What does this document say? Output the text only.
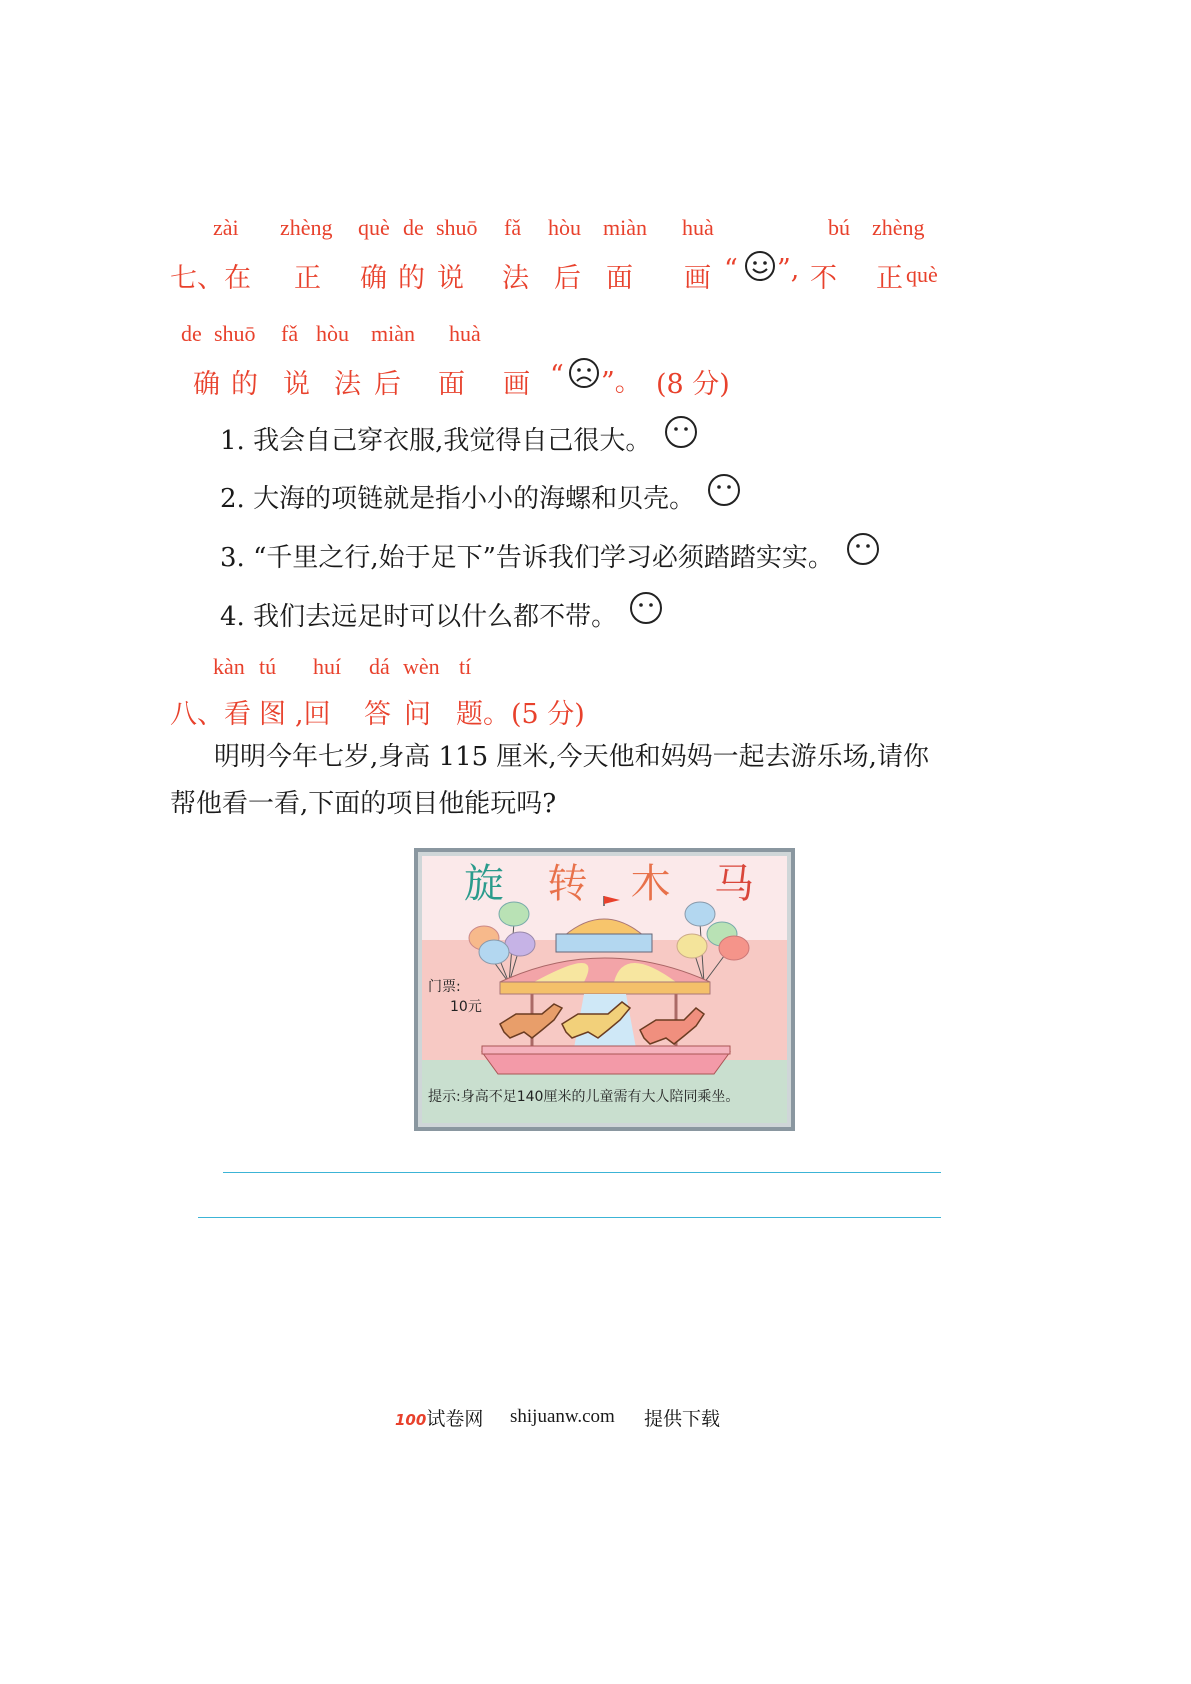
zài zhèng què de shuō fǎ hòu miàn huà	bú zhèng
七、在 正 确 的 说 法 后 面 画 “ ”, 不 正 què
de shuō fǎ hòu miàn huà
确 的 说 法 后 面 画 “ ”。 (8 分)
1. 我会自己穿衣服,我觉得自己很大。
2. 大海的项链就是指小小的海螺和贝壳。
3. “千里之行,始于足下”告诉我们学习必须踏踏实实。
4. 我们去远足时可以什么都不带。
kàn tú huí dá wèn tí
八、看 图 ,回 答 问 题。 (5 分)
明明今年七岁,身高 115 厘米,今天他和妈妈一起去游乐场,请你
帮他看一看,下面的项目他能玩吗?
旋 转 木 马
门票:
10元
提示:身高不足140厘米的儿童需有大人陪同乘坐。
100试卷网 shijuanw.com 提供下载
